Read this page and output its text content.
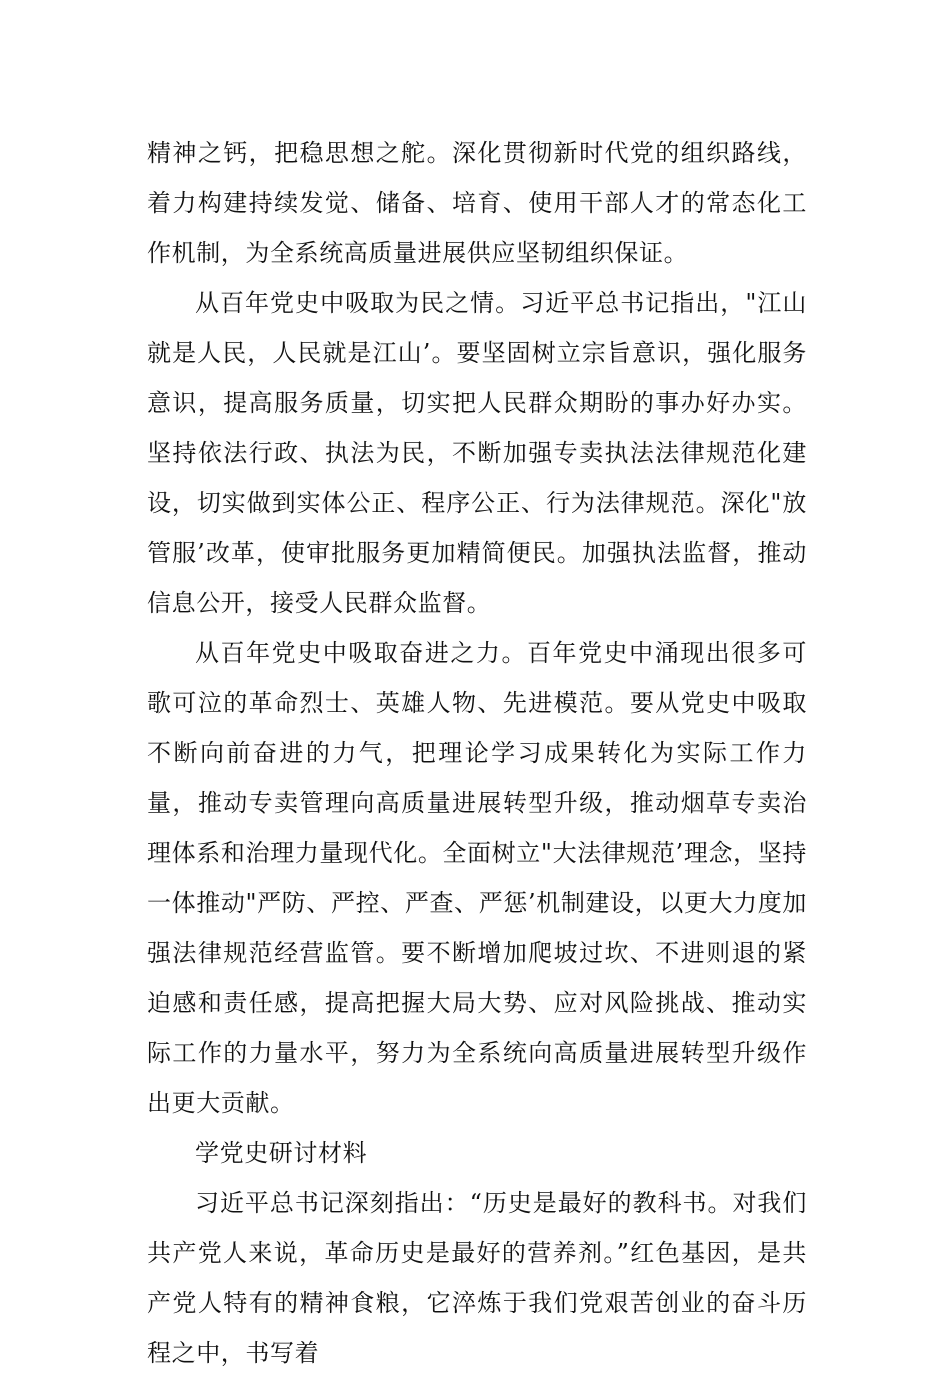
精神之钙，把稳思想之舵。深化贯彻新时代党的组织路线，着力构建持续发觉、储备、培育、使用干部人才的常态化工作机制，为全系统高质量进展供应坚韧组织保证。

从百年党史中吸取为民之情。习近平总书记指出，"江山就是人民，人民就是江山’。要坚固树立宗旨意识，强化服务意识，提高服务质量，切实把人民群众期盼的事办好办实。坚持依法行政、执法为民，不断加强专卖执法法律规范化建设，切实做到实体公正、程序公正、行为法律规范。深化"放管服’改革，使审批服务更加精简便民。加强执法监督，推动信息公开，接受人民群众监督。

从百年党史中吸取奋进之力。百年党史中涌现出很多可歌可泣的革命烈士、英雄人物、先进模范。要从党史中吸取不断向前奋进的力气，把理论学习成果转化为实际工作力量，推动专卖管理向高质量进展转型升级，推动烟草专卖治理体系和治理力量现代化。全面树立"大法律规范’理念，坚持一体推动"严防、严控、严查、严惩’机制建设，以更大力度加强法律规范经营监管。要不断增加爬坡过坎、不进则退的紧迫感和责任感，提高把握大局大势、应对风险挑战、推动实际工作的力量水平，努力为全系统向高质量进展转型升级作出更大贡献。

学党史研讨材料

习近平总书记深刻指出：“历史是最好的教科书。对我们共产党人来说，革命历史是最好的营养剂。”红色基因，是共产党人特有的精神食粮，它淬炼于我们党艰苦创业的奋斗历程之中，书写着
